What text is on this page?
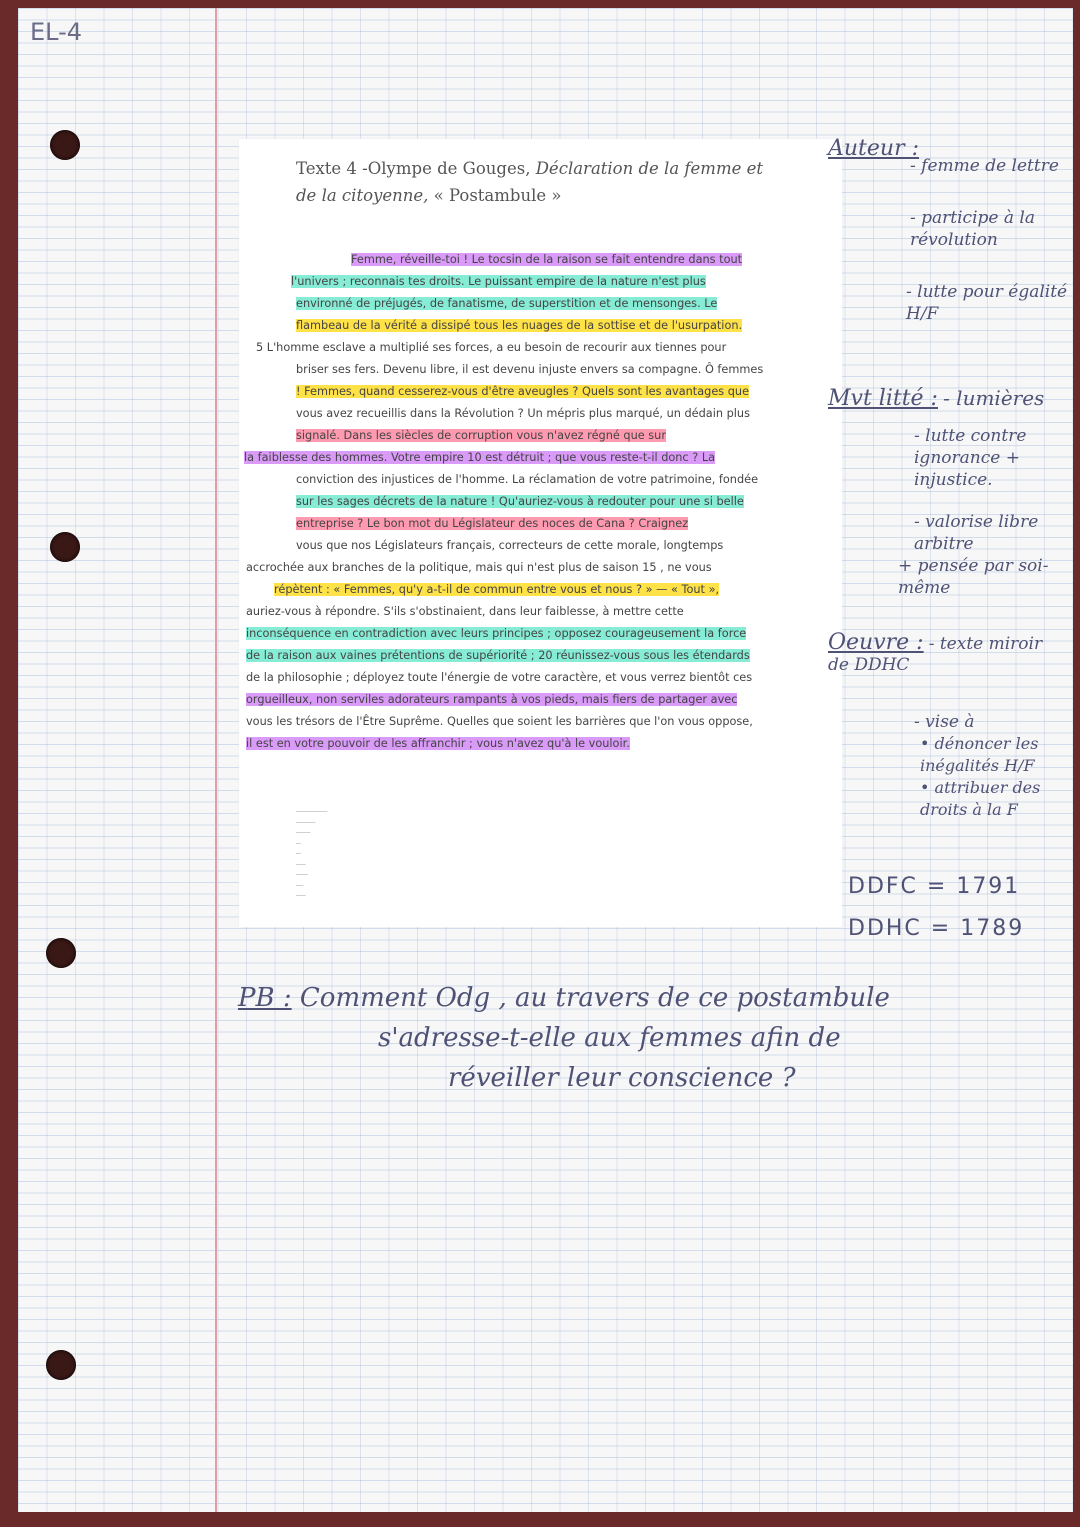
EL-4
Texte 4 -Olympe de Gouges, Déclaration de la femme et
de la citoyenne, « Postambule »
Femme, réveille-toi ! Le tocsin de la raison se fait entendre dans tout
l'univers ; reconnais tes droits. Le puissant empire de la nature n'est plus
environné de préjugés, de fanatisme, de superstition et de mensonges. Le
flambeau de la vérité a dissipé tous les nuages de la sottise et de l'usurpation.
5 L'homme esclave a multiplié ses forces, a eu besoin de recourir aux tiennes pour
briser ses fers. Devenu libre, il est devenu injuste envers sa compagne. Ô femmes
! Femmes, quand cesserez-vous d'être aveugles ? Quels sont les avantages que
vous avez recueillis dans la Révolution ? Un mépris plus marqué, un dédain plus
signalé. Dans les siècles de corruption vous n'avez régné que sur
la faiblesse des hommes. Votre empire 10 est détruit ; que vous reste-t-il donc ? La
conviction des injustices de l'homme. La réclamation de votre patrimoine, fondée
sur les sages décrets de la nature ! Qu'auriez-vous à redouter pour une si belle
entreprise ? Le bon mot du Législateur des noces de Cana ? Craignez
vous que nos Législateurs français, correcteurs de cette morale, longtemps
accrochée aux branches de la politique, mais qui n'est plus de saison 15 , ne vous
répètent : « Femmes, qu'y a-t-il de commun entre vous et nous ? » — « Tout »,
auriez-vous à répondre. S'ils s'obstinaient, dans leur faiblesse, à mettre cette
inconséquence en contradiction avec leurs principes ; opposez courageusement la force
de la raison aux vaines prétentions de supériorité ; 20 réunissez-vous sous les étendards
de la philosophie ; déployez toute l'énergie de votre caractère, et vous verrez bientôt ces
orgueilleux, non serviles adorateurs rampants à vos pieds, mais fiers de partager avec
vous les trésors de l'Être Suprême. Quelles que soient les barrières que l'on vous oppose,
il est en votre pouvoir de les affranchir ; vous n'avez qu'à le vouloir.
─────────────
────────
──────
──
──
────
─────
───
────
Auteur :
- femme de lettre
- participe à la révolution
- lutte pour égalité H/F
Mvt litté : - lumières
- lutte contre ignorance + injustice.
- valorise libre arbitre
+ pensée par soi-même
Oeuvre : - texte miroir de DDHC
- vise à
• dénoncer les inégalités H/F
• attribuer des droits à la F
DDFC = 1791
DDHC = 1789
PB : Comment Odg , au travers de ce postambule
s'adresse-t-elle aux femmes afin de
réveiller leur conscience ?
